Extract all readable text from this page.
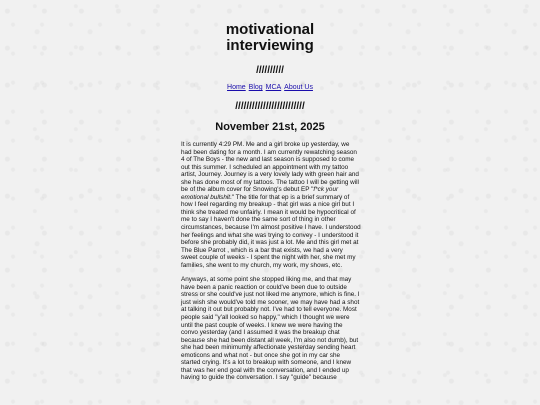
motivational
interviewing
//////////
Home Blog MCA About Us
/////////////////////////
November 21st, 2025

It is currently 4:29 PM. Me and a girl broke up yesterday, we had been dating for a month. I am currently rewatching season 4 of The Boys - the new and last season is supposed to come out this summer. I scheduled an appointment with my tattoo artist, Journey. Journey is a very lovely lady with green hair and she has done most of my tattoos. The tattoo I will be getting will be of the album cover for Snowing's debut EP "f*ck your emotional bullshit." The title for that ep is a brief summary of how I feel regarding my breakup - that girl was a nice girl but I think she treated me unfairly. I mean it would be hypocritical of me to say I haven't done the same sort of thing in other circumstances, because I'm almost positive I have. I understood her feelings and what she was trying to convey - I understood it before she probably did, it was just a lot. Me and this girl met at The Blue Parrot , which is a bar that exists, we had a very sweet couple of weeks - I spent the night with her, she met my families, she went to my church, my work, my shows, etc.

Anyways, at some point she stopped liking me, and that may have been a panic reaction or could've been due to outside stress or she could've just not liked me anymore, which is fine. I just wish she would've told me sooner, we may have had a shot at talking it out but probably not. I've had to tell everyone. Most people said "y'all looked so happy," which I thought we were until the past couple of weeks. I knew we were having the convo yesterday (and I assumed it was the breakup chat because she had been distant all week, I'm also not dumb), but she had been minimumly affectionate yesterday sending heart emoticons and what not - but once she got in my car she started crying. It's a lot to breakup with someone, and I knew that was her end goal with the conversation, and I ended up having to guide the conversation. I say "guide" because
